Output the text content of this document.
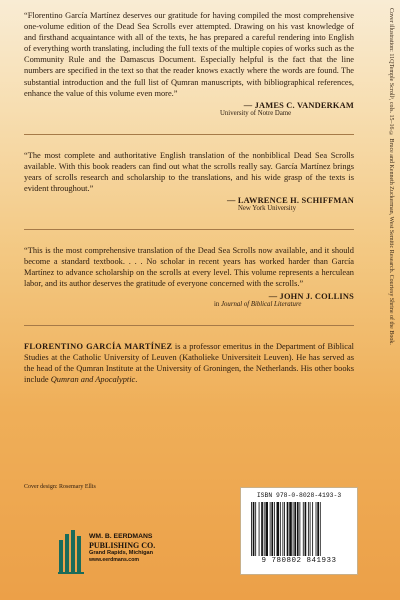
“Florentino García Martínez deserves our gratitude for having compiled the most comprehensive one-volume edition of the Dead Sea Scrolls ever attempted. Drawing on his vast knowledge of and firsthand acquaintance with all of the texts, he has prepared a careful rendering into English of everything worth translating, including the full texts of the multiple copies of works such as the Community Rule and the Damascus Document. Especially helpful is the fact that the line numbers are specified in the text so that the reader knows exactly where the words are found. The substantial introduction and the full list of Qumran manuscripts, with bibliographical references, enhance the value of this volume even more.”

— JAMES C. VANDERKAM

University of Notre Dame

“The most complete and authoritative English translation of the nonbiblical Dead Sea Scrolls available. With this book readers can find out what the scrolls really say. García Martínez brings years of scrolls research and scholarship to the translations, and his wide grasp of the texts is evident throughout.”

— LAWRENCE H. SCHIFFMAN

New York University

“This is the most comprehensive translation of the Dead Sea Scrolls now available, and it should become a standard textbook. . . . No scholar in recent years has worked harder than García Martínez to advance scholarship on the scrolls at every level. This volume represents a herculean labor, and its author deserves the gratitude of everyone concerned with the scrolls.”

— JOHN J. COLLINS

in Journal of Biblical Literature

FLORENTINO GARCÍA MARTÍNEZ is a professor emeritus in the Department of Biblical Studies at the Catholic University of Leuven (Katholieke Universiteit Leuven). He has served as the head of the Qumran Institute at the University of Groningen, the Netherlands. His other books include Qumran and Apocalyptic.

Cover illustration: 11QTemple Scrollᵃ, cols. 15–16 © Bruce and Kenneth Zuckerman, West Semitic Research. Courtesy Shrine of the Book.
Cover design: Rosemary Ellis
ISBN 978-0-8028-4193-3
9 780802 841933
WM. B. EERDMANS
PUBLISHING CO.
Grand Rapids, Michigan
www.eerdmans.com
